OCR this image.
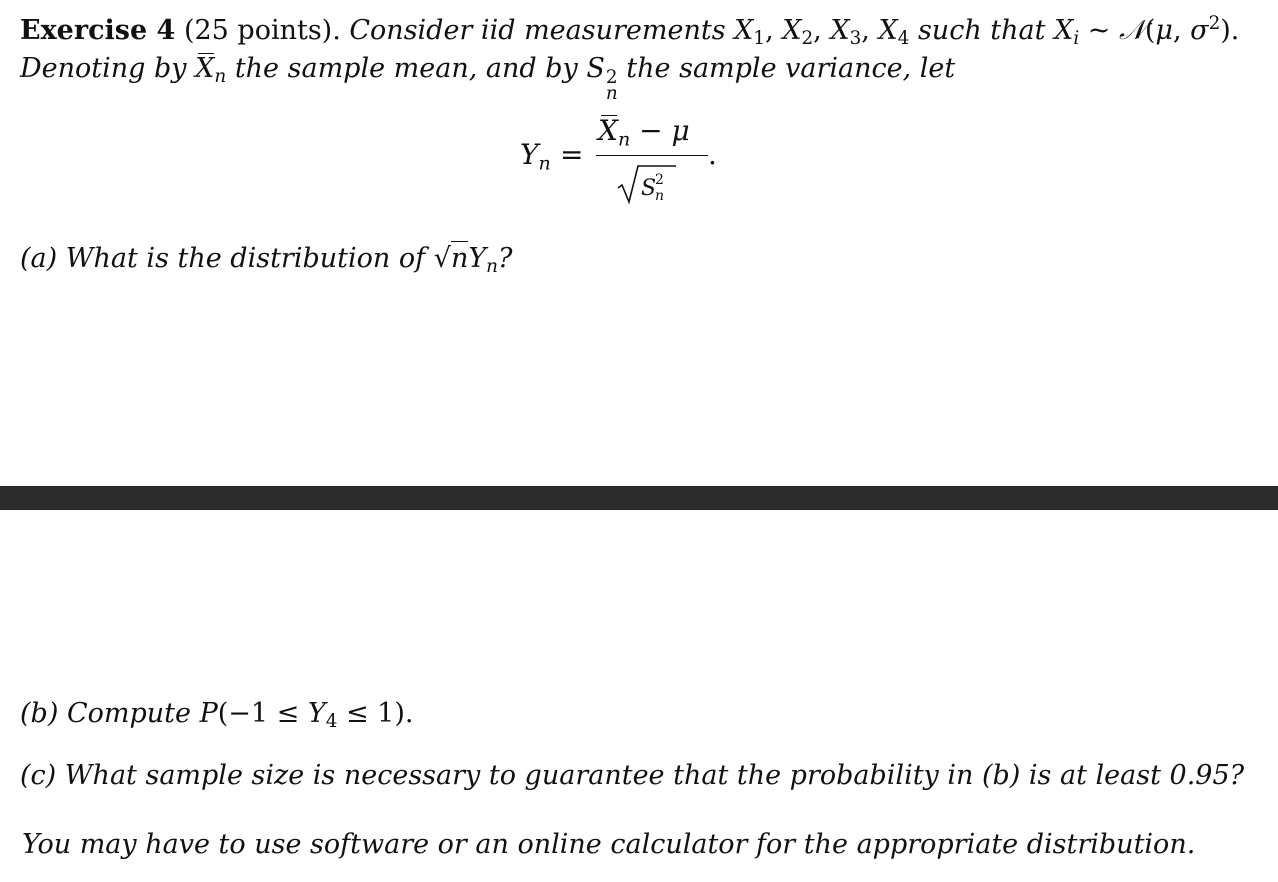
Exercise 4 (25 points). Consider iid measurements $X_1$, $X_2$, $X_3$, $X_4$ such that $X_i$ ~ 𝒩(μ, $\sigma^2$).
Denoting by $X_n$ the sample mean, and by S 2
n
the sample variance, let
$Y_n$ =
$X_n - \mu$
S
2
n
.
(a) What is the distribution of $√nY_n$?
(b) Compute $P(-1 \le Y_4 \le 1)$.
(c) What sample size is necessary to guarantee that the probability in (b) is at least 0.95?
You may have to use software or an online calculator for the appropriate distribution.
